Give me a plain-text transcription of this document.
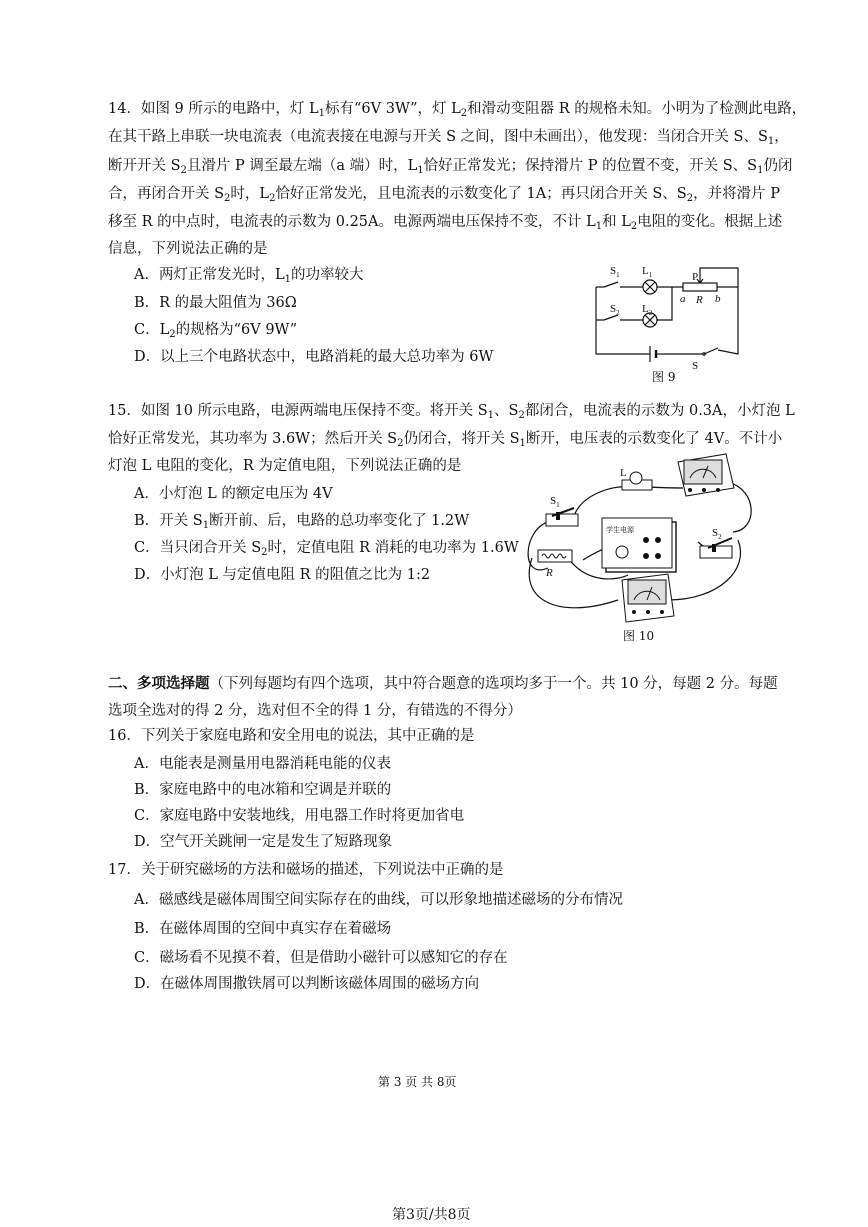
14．如图 9 所示的电路中，灯 $L_1$标有“6V 3W”，灯 $L_2$和滑动变阻器 R 的规格未知。小明为了检测此电路，
在其干路上串联一块电流表（电流表接在电源与开关 S 之间，图中未画出），他发现：当闭合开关 S、$S_1$，
断开开关 $S_2$且滑片 P 调至最左端（a 端）时，$L_1$恰好正常发光；保持滑片 P 的位置不变，开关 S、$S_1$仍闭
合，再闭合开关 $S_2$时，$L_2$恰好正常发光，且电流表的示数变化了 1A；再只闭合开关 S、$S_2$，并将滑片 P
移至 R 的中点时，电流表的示数为 0.25A。电源两端电压保持不变，不计 $L_1$和 $L_2$电阻的变化。根据上述
信息，下列说法正确的是
A．两灯正常发光时，$L_1$的功率较大
B．R 的最大阻值为 36Ω
C．$L_2$的规格为“6V 9W”
D．以上三个电路状态中，电路消耗的最大总功率为 6W
$S_1$ $L_1$
$S_2$ $L_2$
P
a R b
S
图 9
15．如图 10 所示电路，电源两端电压保持不变。将开关 $S_1$、$S_2$都闭合，电流表的示数为 0.3A，小灯泡 L
恰好正常发光，其功率为 3.6W；然后开关 $S_2$仍闭合，将开关 $S_1$断开，电压表的示数变化了 4V。不计小
灯泡 L 电阻的变化，R 为定值电阻，下列说法正确的是
A．小灯泡 L 的额定电压为 4V
B．开关 $S_1$断开前、后，电路的总功率变化了 1.2W
C．当只闭合开关 $S_2$时，定值电阻 R 消耗的电功率为 1.6W
D．小灯泡 L 与定值电阻 R 的阻值之比为 1:2
L
$S_1$
$S_2$
R
学生电源
图 10
二、多项选择题（下列每题均有四个选项，其中符合题意的选项均多于一个。共 10 分，每题 2 分。每题
选项全选对的得 2 分，选对但不全的得 1 分，有错选的不得分）
16．下列关于家庭电路和安全用电的说法，其中正确的是
A．电能表是测量用电器消耗电能的仪表
B．家庭电路中的电冰箱和空调是并联的
C．家庭电路中安装地线，用电器工作时将更加省电
D．空气开关跳闸一定是发生了短路现象
17．关于研究磁场的方法和磁场的描述，下列说法中正确的是
A．磁感线是磁体周围空间实际存在的曲线，可以形象地描述磁场的分布情况
B．在磁体周围的空间中真实存在着磁场
C．磁场看不见摸不着，但是借助小磁针可以感知它的存在
D．在磁体周围撒铁屑可以判断该磁体周围的磁场方向
第 3 页 共 8页
第3页/共8页
